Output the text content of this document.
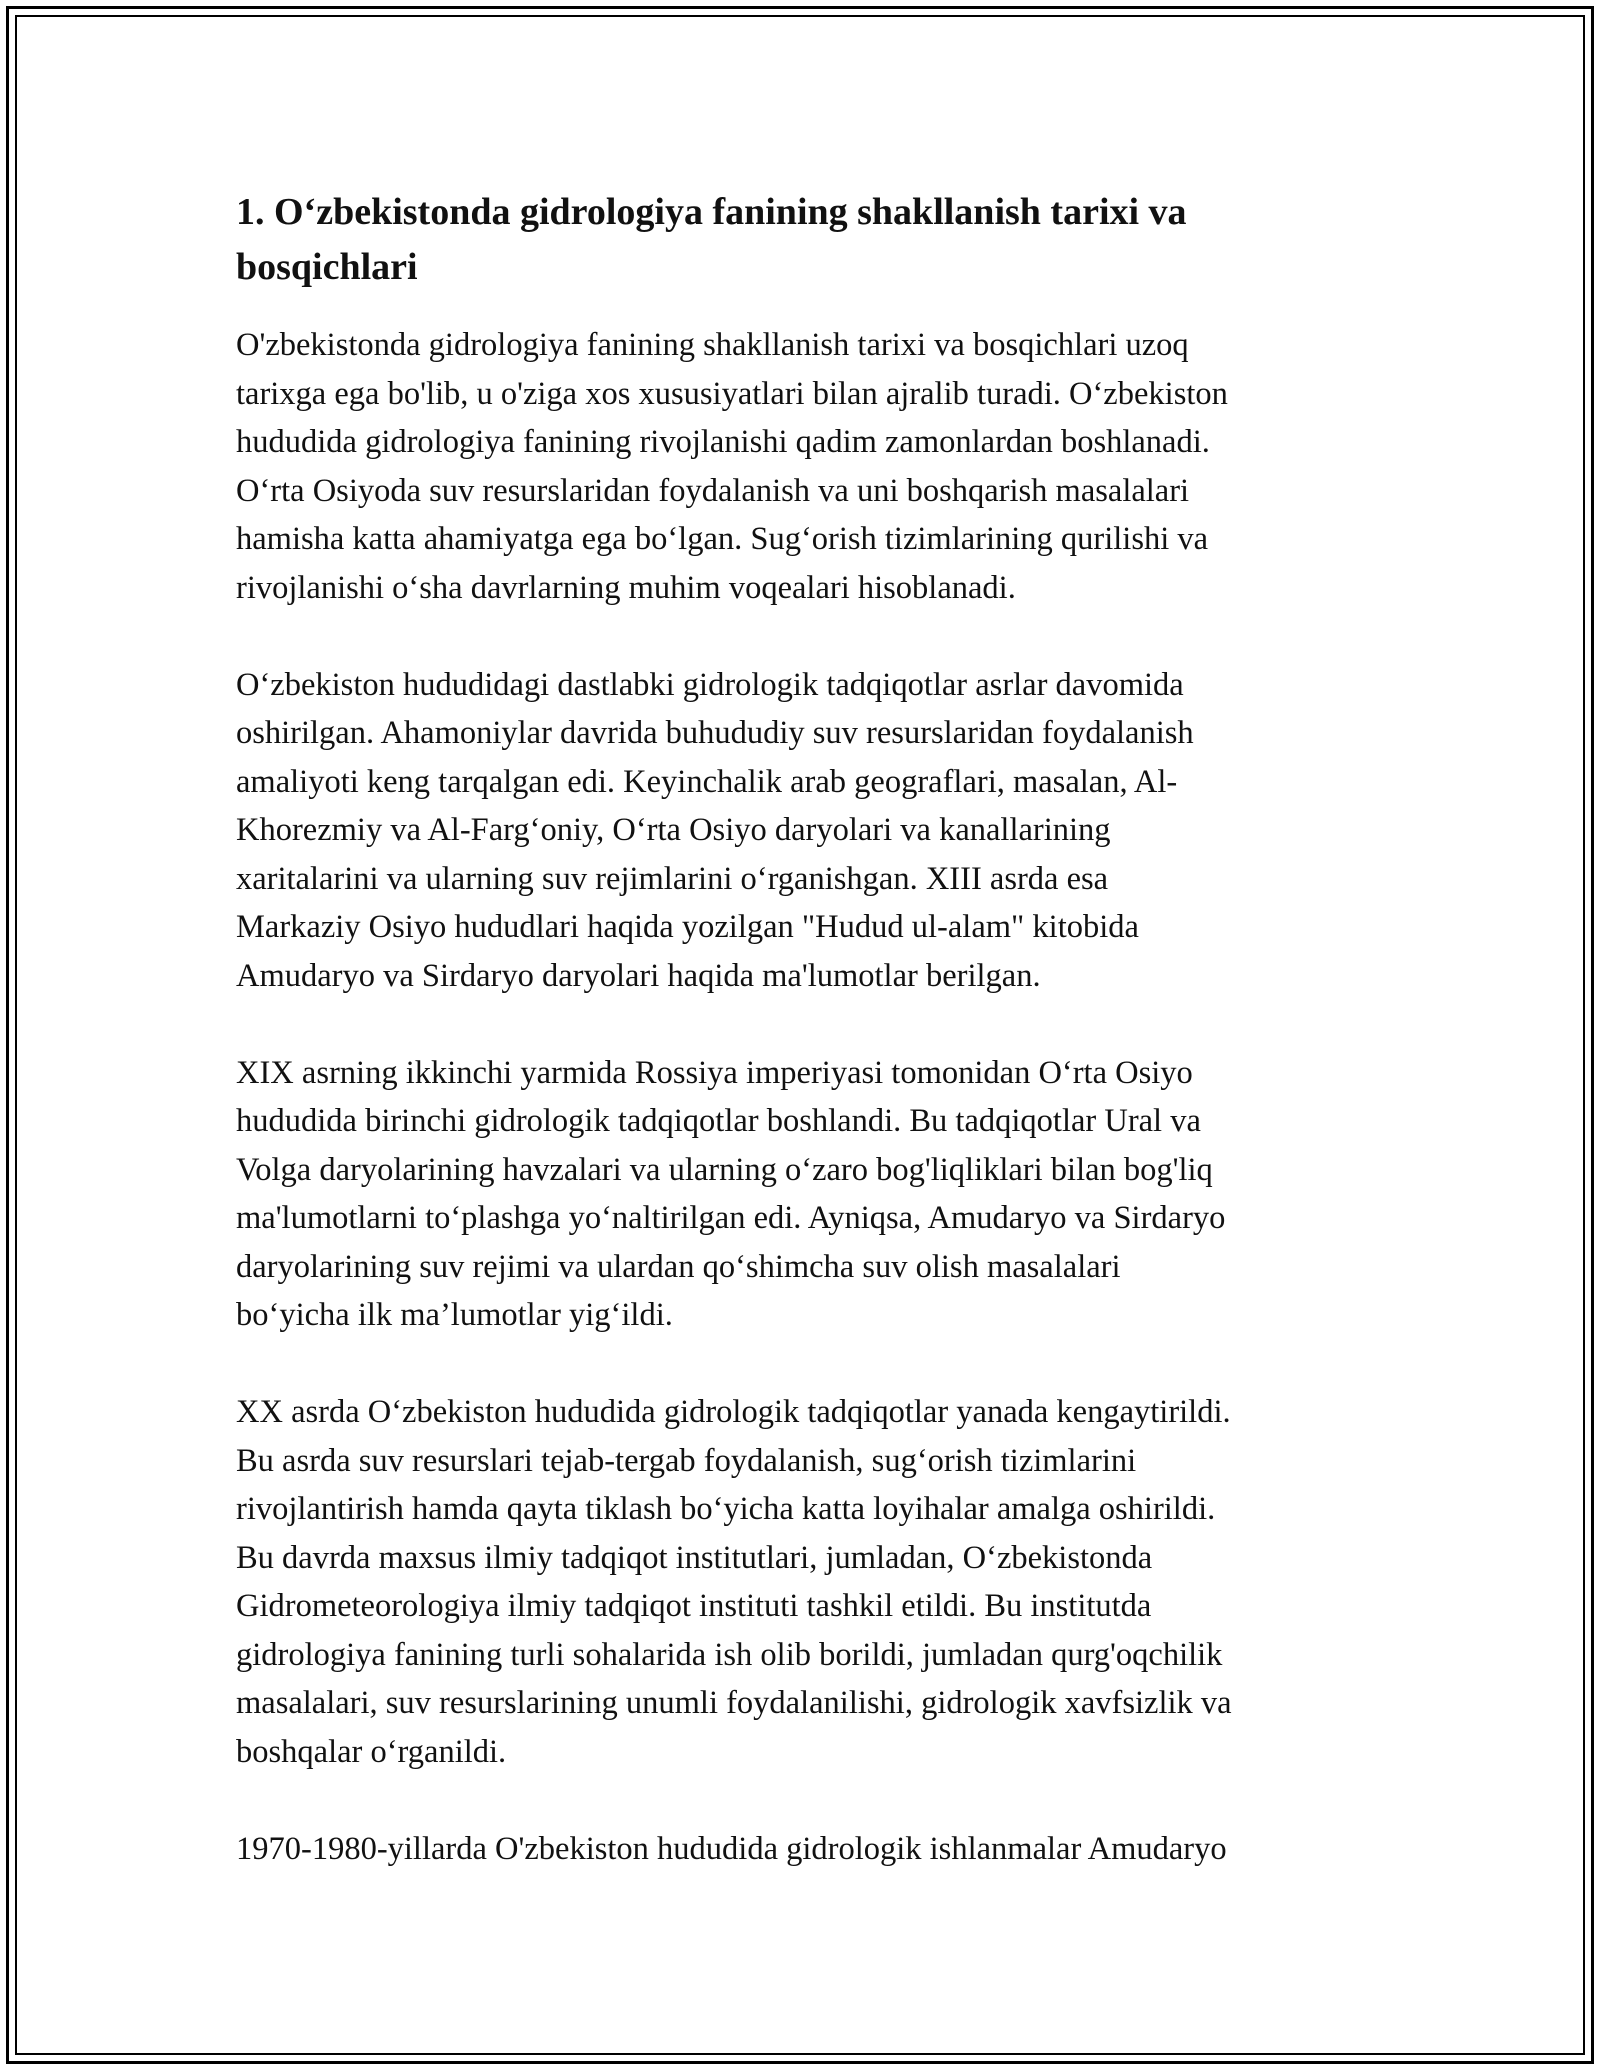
1. O‘zbekistonda gidrologiya fanining shakllanish tarixi va
bosqichlari
O'zbekistonda gidrologiya fanining shakllanish tarixi va bosqichlari uzoq
tarixga ega bo'lib, u o'ziga xos xususiyatlari bilan ajralib turadi. O‘zbekiston
hududida gidrologiya fanining rivojlanishi qadim zamonlardan boshlanadi.
O‘rta Osiyoda suv resurslaridan foydalanish va uni boshqarish masalalari
hamisha katta ahamiyatga ega bo‘lgan. Sug‘orish tizimlarining qurilishi va
rivojlanishi o‘sha davrlarning muhim voqealari hisoblanadi.
O‘zbekiston hududidagi dastlabki gidrologik tadqiqotlar asrlar davomida
oshirilgan. Ahamoniylar davrida buhududiy suv resurslaridan foydalanish
amaliyoti keng tarqalgan edi. Keyinchalik arab geograflari, masalan, Al-
Khorezmiy va Al-Farg‘oniy, O‘rta Osiyo daryolari va kanallarining
xaritalarini va ularning suv rejimlarini o‘rganishgan. XIII asrda esa
Markaziy Osiyo hududlari haqida yozilgan "Hudud ul-alam" kitobida
Amudaryo va Sirdaryo daryolari haqida ma'lumotlar berilgan.
XIX asrning ikkinchi yarmida Rossiya imperiyasi tomonidan O‘rta Osiyo
hududida birinchi gidrologik tadqiqotlar boshlandi. Bu tadqiqotlar Ural va
Volga daryolarining havzalari va ularning o‘zaro bog'liqliklari bilan bog'liq
ma'lumotlarni to‘plashga yo‘naltirilgan edi. Ayniqsa, Amudaryo va Sirdaryo
daryolarining suv rejimi va ulardan qo‘shimcha suv olish masalalari
bo‘yicha ilk ma’lumotlar yig‘ildi.
XX asrda O‘zbekiston hududida gidrologik tadqiqotlar yanada kengaytirildi.
Bu asrda suv resurslari tejab-tergab foydalanish, sug‘orish tizimlarini
rivojlantirish hamda qayta tiklash bo‘yicha katta loyihalar amalga oshirildi.
Bu davrda maxsus ilmiy tadqiqot institutlari, jumladan, O‘zbekistonda
Gidrometeorologiya ilmiy tadqiqot instituti tashkil etildi. Bu institutda
gidrologiya fanining turli sohalarida ish olib borildi, jumladan qurg'oqchilik
masalalari, suv resurslarining unumli foydalanilishi, gidrologik xavfsizlik va
boshqalar o‘rganildi.
1970-1980-yillarda O'zbekiston hududida gidrologik ishlanmalar Amudaryo
